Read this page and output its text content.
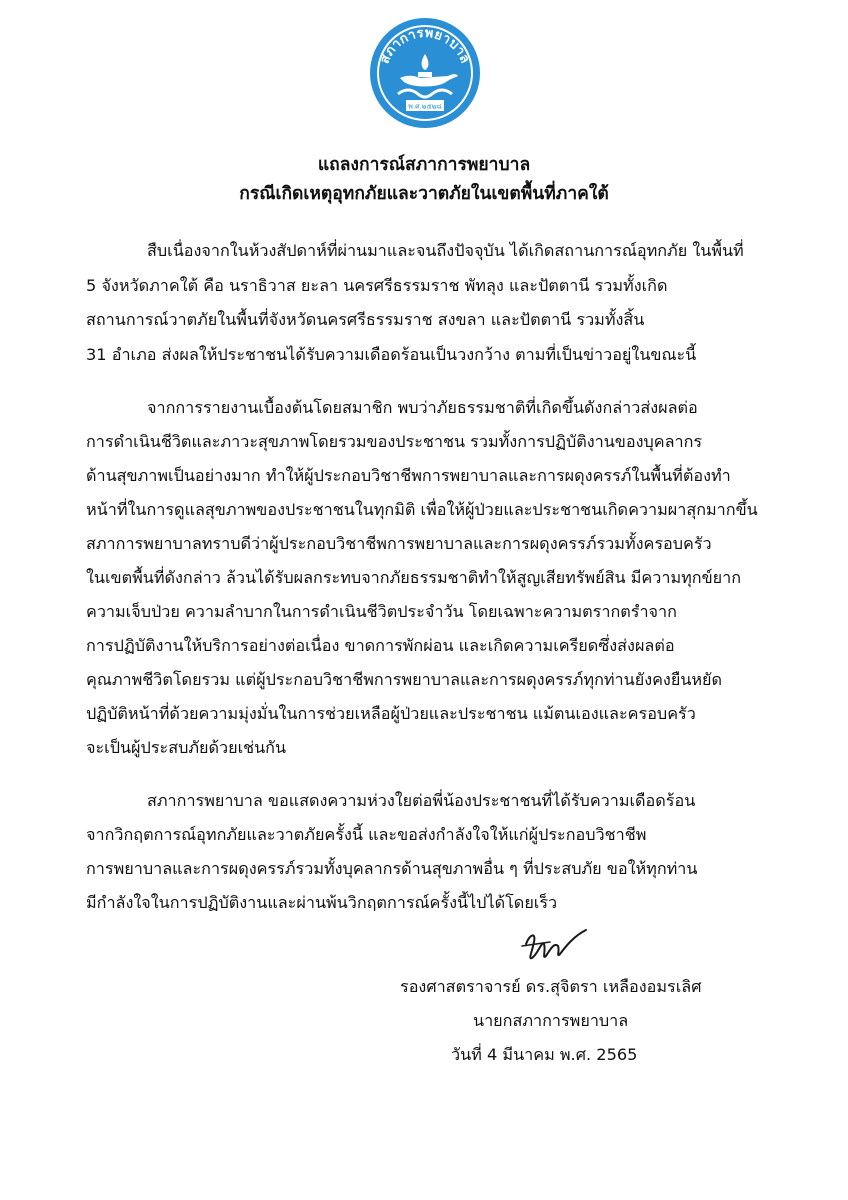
สภาการพยาบาล
พ.ศ.๒๕๒๘
แถลงการณ์สภาการพยาบาล
กรณีเกิดเหตุอุทกภัยและวาตภัยในเขตพื้นที่ภาคใต้
สืบเนื่องจากในห้วงสัปดาห์ที่ผ่านมาและจนถึงปัจจุบัน ได้เกิดสถานการณ์อุทกภัย ในพื้นที่
5 จังหวัดภาคใต้ คือ นราธิวาส ยะลา นครศรีธรรมราช พัทลุง และปัตตานี รวมทั้งเกิด
สถานการณ์วาตภัยในพื้นที่จังหวัดนครศรีธรรมราช สงขลา และปัตตานี รวมทั้งสิ้น
31 อำเภอ ส่งผลให้ประชาชนได้รับความเดือดร้อนเป็นวงกว้าง ตามที่เป็นข่าวอยู่ในขณะนี้
จากการรายงานเบื้องต้นโดยสมาชิก พบว่าภัยธรรมชาติที่เกิดขึ้นดังกล่าวส่งผลต่อ
การดำเนินชีวิตและภาวะสุขภาพโดยรวมของประชาชน รวมทั้งการปฏิบัติงานของบุคลากร
ด้านสุขภาพเป็นอย่างมาก ทำให้ผู้ประกอบวิชาชีพการพยาบาลและการผดุงครรภ์ในพื้นที่ต้องทำ
หน้าที่ในการดูแลสุขภาพของประชาชนในทุกมิติ เพื่อให้ผู้ป่วยและประชาชนเกิดความผาสุกมากขึ้น
สภาการพยาบาลทราบดีว่าผู้ประกอบวิชาชีพการพยาบาลและการผดุงครรภ์รวมทั้งครอบครัว
ในเขตพื้นที่ดังกล่าว ล้วนได้รับผลกระทบจากภัยธรรมชาติทำให้สูญเสียทรัพย์สิน มีความทุกข์ยาก
ความเจ็บป่วย ความลำบากในการดำเนินชีวิตประจำวัน โดยเฉพาะความตรากตรำจาก
การปฏิบัติงานให้บริการอย่างต่อเนื่อง ขาดการพักผ่อน และเกิดความเครียดซึ่งส่งผลต่อ
คุณภาพชีวิตโดยรวม แต่ผู้ประกอบวิชาชีพการพยาบาลและการผดุงครรภ์ทุกท่านยังคงยืนหยัด
ปฏิบัติหน้าที่ด้วยความมุ่งมั่นในการช่วยเหลือผู้ป่วยและประชาชน แม้ตนเองและครอบครัว
จะเป็นผู้ประสบภัยด้วยเช่นกัน
สภาการพยาบาล ขอแสดงความห่วงใยต่อพี่น้องประชาชนที่ได้รับความเดือดร้อน
จากวิกฤตการณ์อุทกภัยและวาตภัยครั้งนี้ และขอส่งกำลังใจให้แก่ผู้ประกอบวิชาชีพ
การพยาบาลและการผดุงครรภ์รวมทั้งบุคลากรด้านสุขภาพอื่น ๆ ที่ประสบภัย ขอให้ทุกท่าน
มีกำลังใจในการปฏิบัติงานและผ่านพ้นวิกฤตการณ์ครั้งนี้ไปได้โดยเร็ว
รองศาสตราจารย์ ดร.สุจิตรา เหลืองอมรเลิศ
นายกสภาการพยาบาล
วันที่ 4 มีนาคม พ.ศ. 2565
